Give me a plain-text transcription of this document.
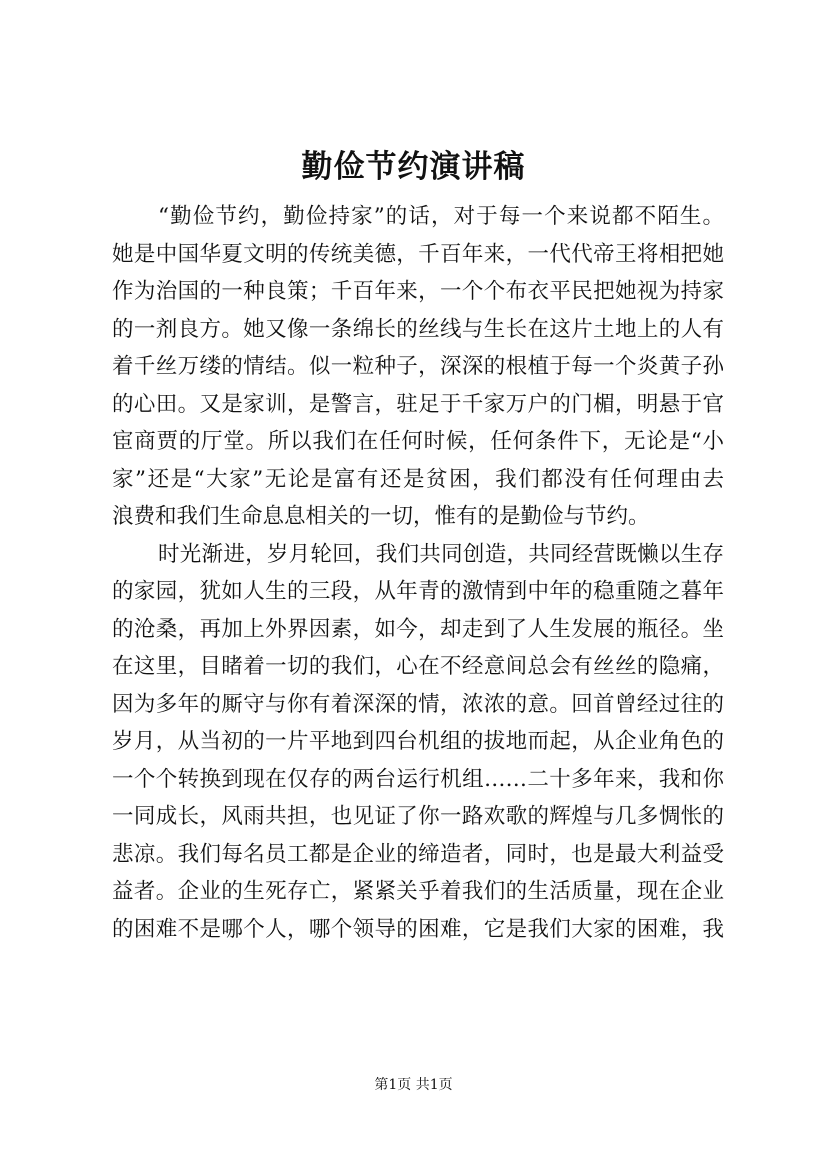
勤俭节约演讲稿
“勤俭节约，勤俭持家”的话，对于每一个来说都不陌生。
她是中国华夏文明的传统美德，千百年来，一代代帝王将相把她
作为治国的一种良策；千百年来，一个个布衣平民把她视为持家
的一剂良方。她又像一条绵长的丝线与生长在这片土地上的人有
着千丝万缕的情结。似一粒种子，深深的根植于每一个炎黄子孙
的心田。又是家训，是警言，驻足于千家万户的门楣，明悬于官
宦商贾的厅堂。所以我们在任何时候，任何条件下，无论是“小
家”还是“大家”无论是富有还是贫困，我们都没有任何理由去
浪费和我们生命息息相关的一切，惟有的是勤俭与节约。
时光渐进，岁月轮回，我们共同创造，共同经营既懒以生存
的家园，犹如人生的三段，从年青的激情到中年的稳重随之暮年
的沧桑，再加上外界因素，如今，却走到了人生发展的瓶径。坐
在这里，目睹着一切的我们，心在不经意间总会有丝丝的隐痛，
因为多年的厮守与你有着深深的情，浓浓的意。回首曾经过往的
岁月，从当初的一片平地到四台机组的拔地而起，从企业角色的
一个个转换到现在仅存的两台运行机组……二十多年来，我和你
一同成长，风雨共担，也见证了你一路欢歌的辉煌与几多惆怅的
悲凉。我们每名员工都是企业的缔造者，同时，也是最大利益受
益者。企业的生死存亡，紧紧关乎着我们的生活质量，现在企业
的困难不是哪个人，哪个领导的困难，它是我们大家的困难，我
第1页 共1页
